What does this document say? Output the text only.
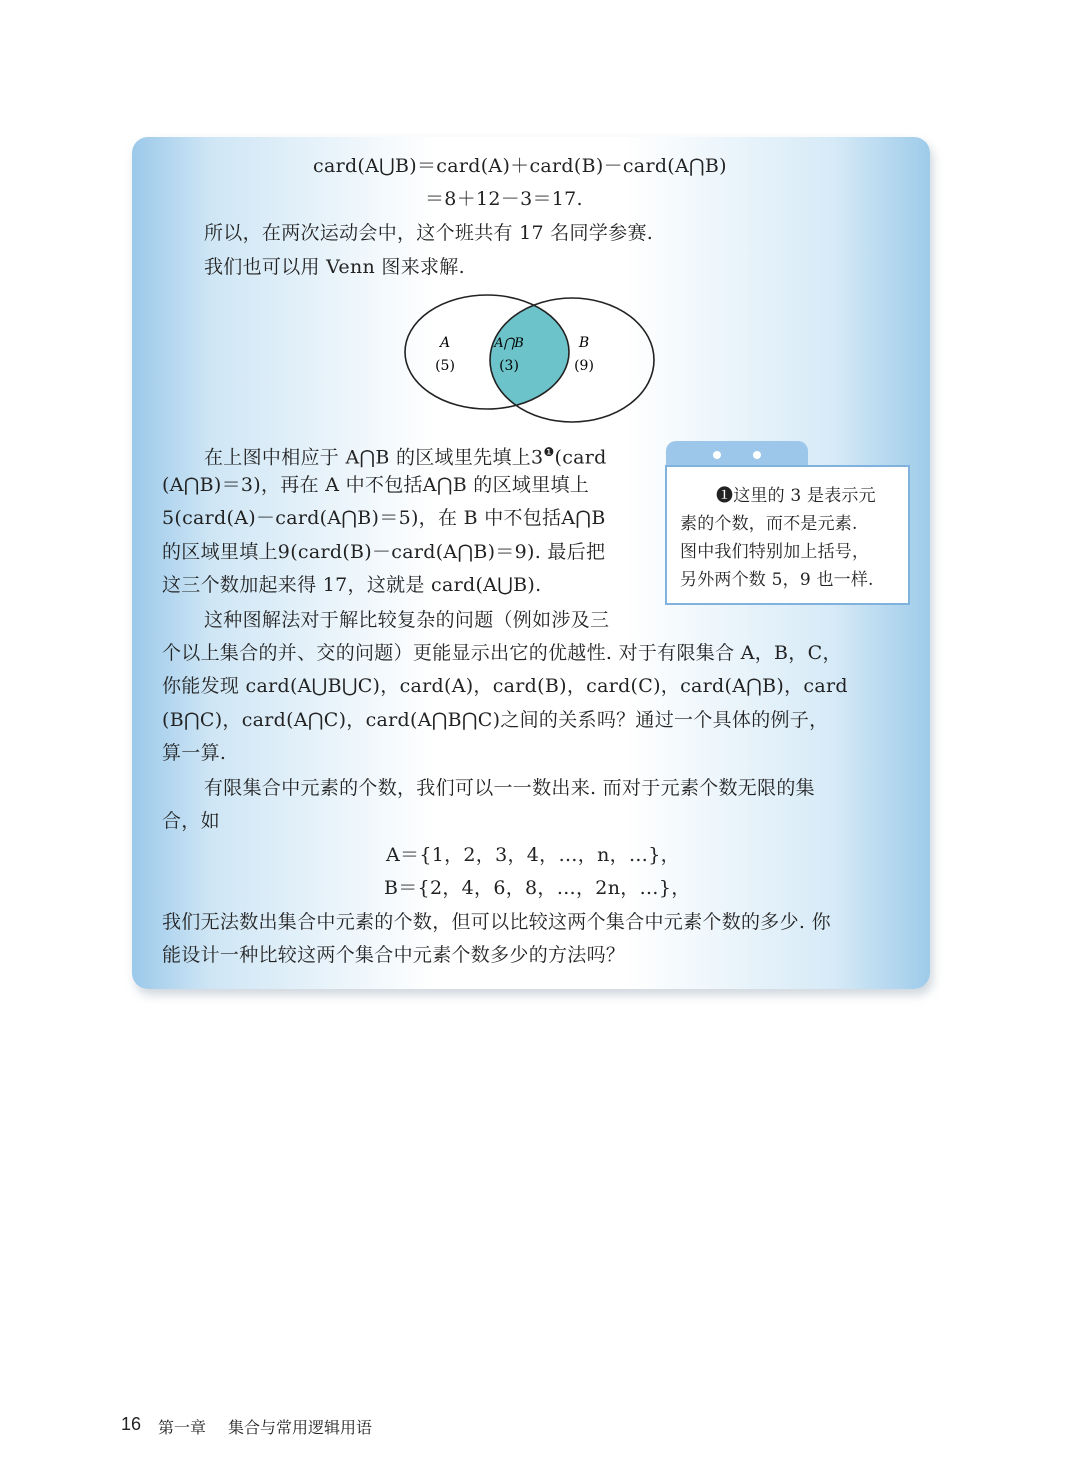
card(A⋃B)＝card(A)＋card(B)－card(A⋂B)
＝8＋12－3＝17.
所以，在两次运动会中，这个班共有 17 名同学参赛.
我们也可以用 Venn 图来求解.
A
(5)
A⋂B
(3)
B
(9)
在上图中相应于 A⋂B 的区域里先填上$3^❶(card$
(A⋂B)＝3)，再在 A 中不包括A⋂B 的区域里填上
5(card(A)－card(A⋂B)＝5)，在 B 中不包括A⋂B
的区域里填上9(card(B)－card(A⋂B)＝9). 最后把
这三个数加起来得 17，这就是 card(A⋃B).
❶这里的 3 是表示元
素的个数，而不是元素.
图中我们特别加上括号，
另外两个数 5，9 也一样.
这种图解法对于解比较复杂的问题（例如涉及三
个以上集合的并、交的问题）更能显示出它的优越性. 对于有限集合 A，B，C，
你能发现 card(A⋃B⋃C)，card(A)，card(B)，card(C)，card(A⋂B)，card
(B⋂C)，card(A⋂C)，card(A⋂B⋂C)之间的关系吗？通过一个具体的例子，
算一算.
有限集合中元素的个数，我们可以一一数出来. 而对于元素个数无限的集
合，如
A＝{1，2，3，4，…，n，…}，
B＝{2，4，6，8，…，2n，…}，
我们无法数出集合中元素的个数，但可以比较这两个集合中元素个数的多少. 你
能设计一种比较这两个集合中元素个数多少的方法吗？
16 第一章 集合与常用逻辑用语
